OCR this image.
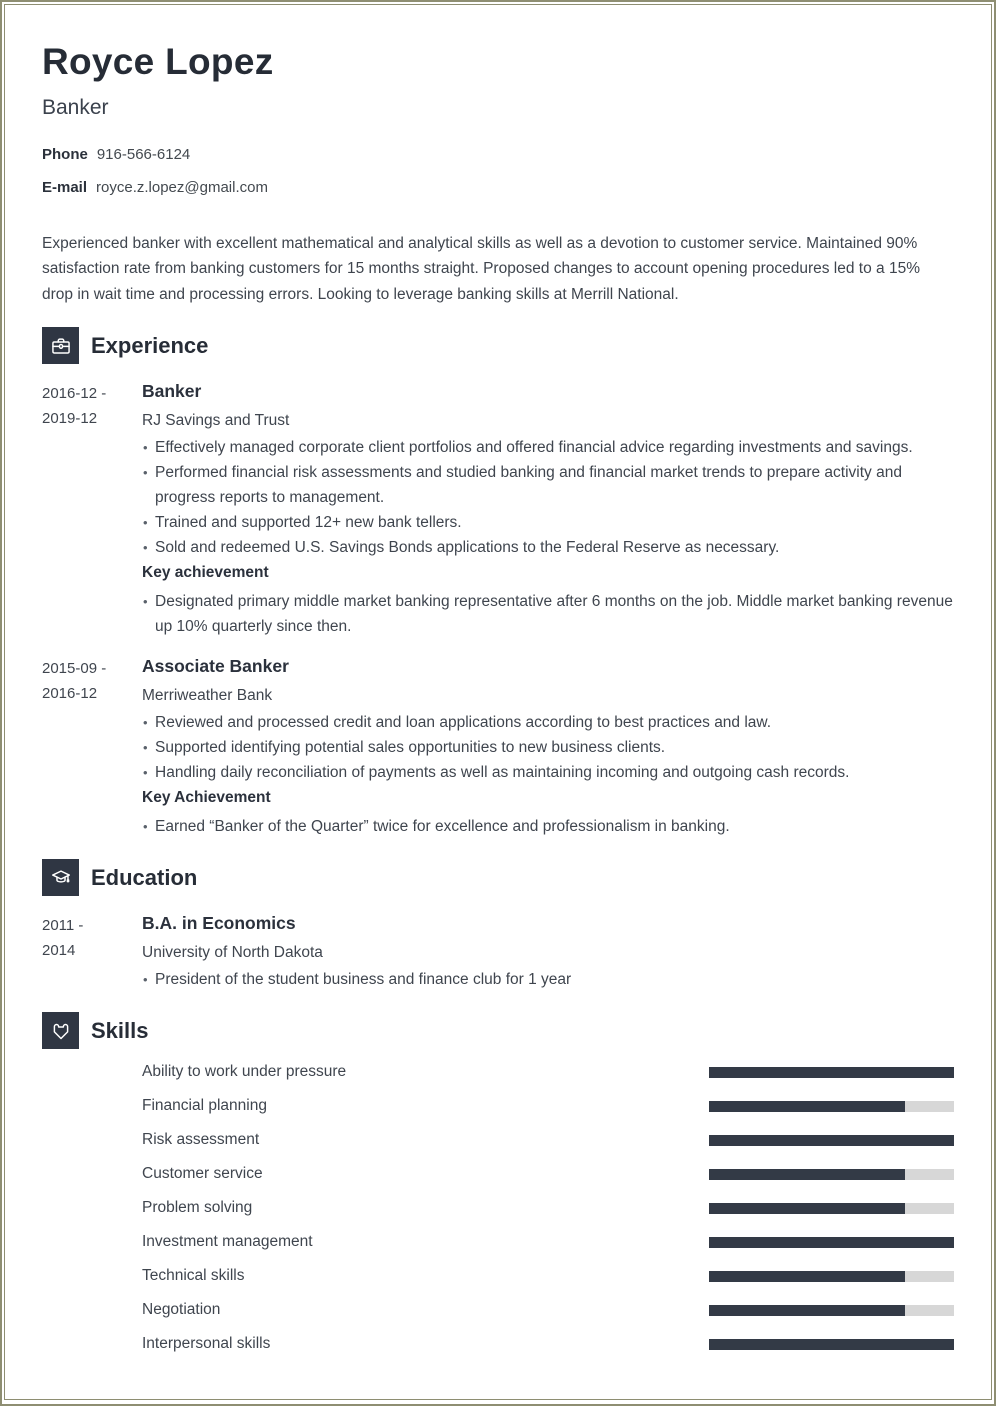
Royce Lopez
Banker
Phone 916-566-6124
E-mail royce.z.lopez@gmail.com

Experienced banker with excellent mathematical and analytical skills as well as a devotion to customer service. Maintained 90% satisfaction rate from banking customers for 15 months straight. Proposed changes to account opening procedures led to a 15% drop in wait time and processing errors. Looking to leverage banking skills at Merrill National.

Experience
2016-12 -
2019-12
Banker
RJ Savings and Trust
• Effectively managed corporate client portfolios and offered financial advice regarding investments and savings.
• Performed financial risk assessments and studied banking and financial market trends to prepare activity and progress reports to management.
• Trained and supported 12+ new bank tellers.
• Sold and redeemed U.S. Savings Bonds applications to the Federal Reserve as necessary.
Key achievement
• Designated primary middle market banking representative after 6 months on the job. Middle market banking revenue up 10% quarterly since then.
2015-09 -
2016-12
Associate Banker
Merriweather Bank
• Reviewed and processed credit and loan applications according to best practices and law.
• Supported identifying potential sales opportunities to new business clients.
• Handling daily reconciliation of payments as well as maintaining incoming and outgoing cash records.
Key Achievement
• Earned “Banker of the Quarter” twice for excellence and professionalism in banking.
Education
2011 -
2014
B.A. in Economics
University of North Dakota
• President of the student business and finance club for 1 year
Skills
Ability to work under pressure
Financial planning
Risk assessment
Customer service
Problem solving
Investment management
Technical skills
Negotiation
Interpersonal skills
